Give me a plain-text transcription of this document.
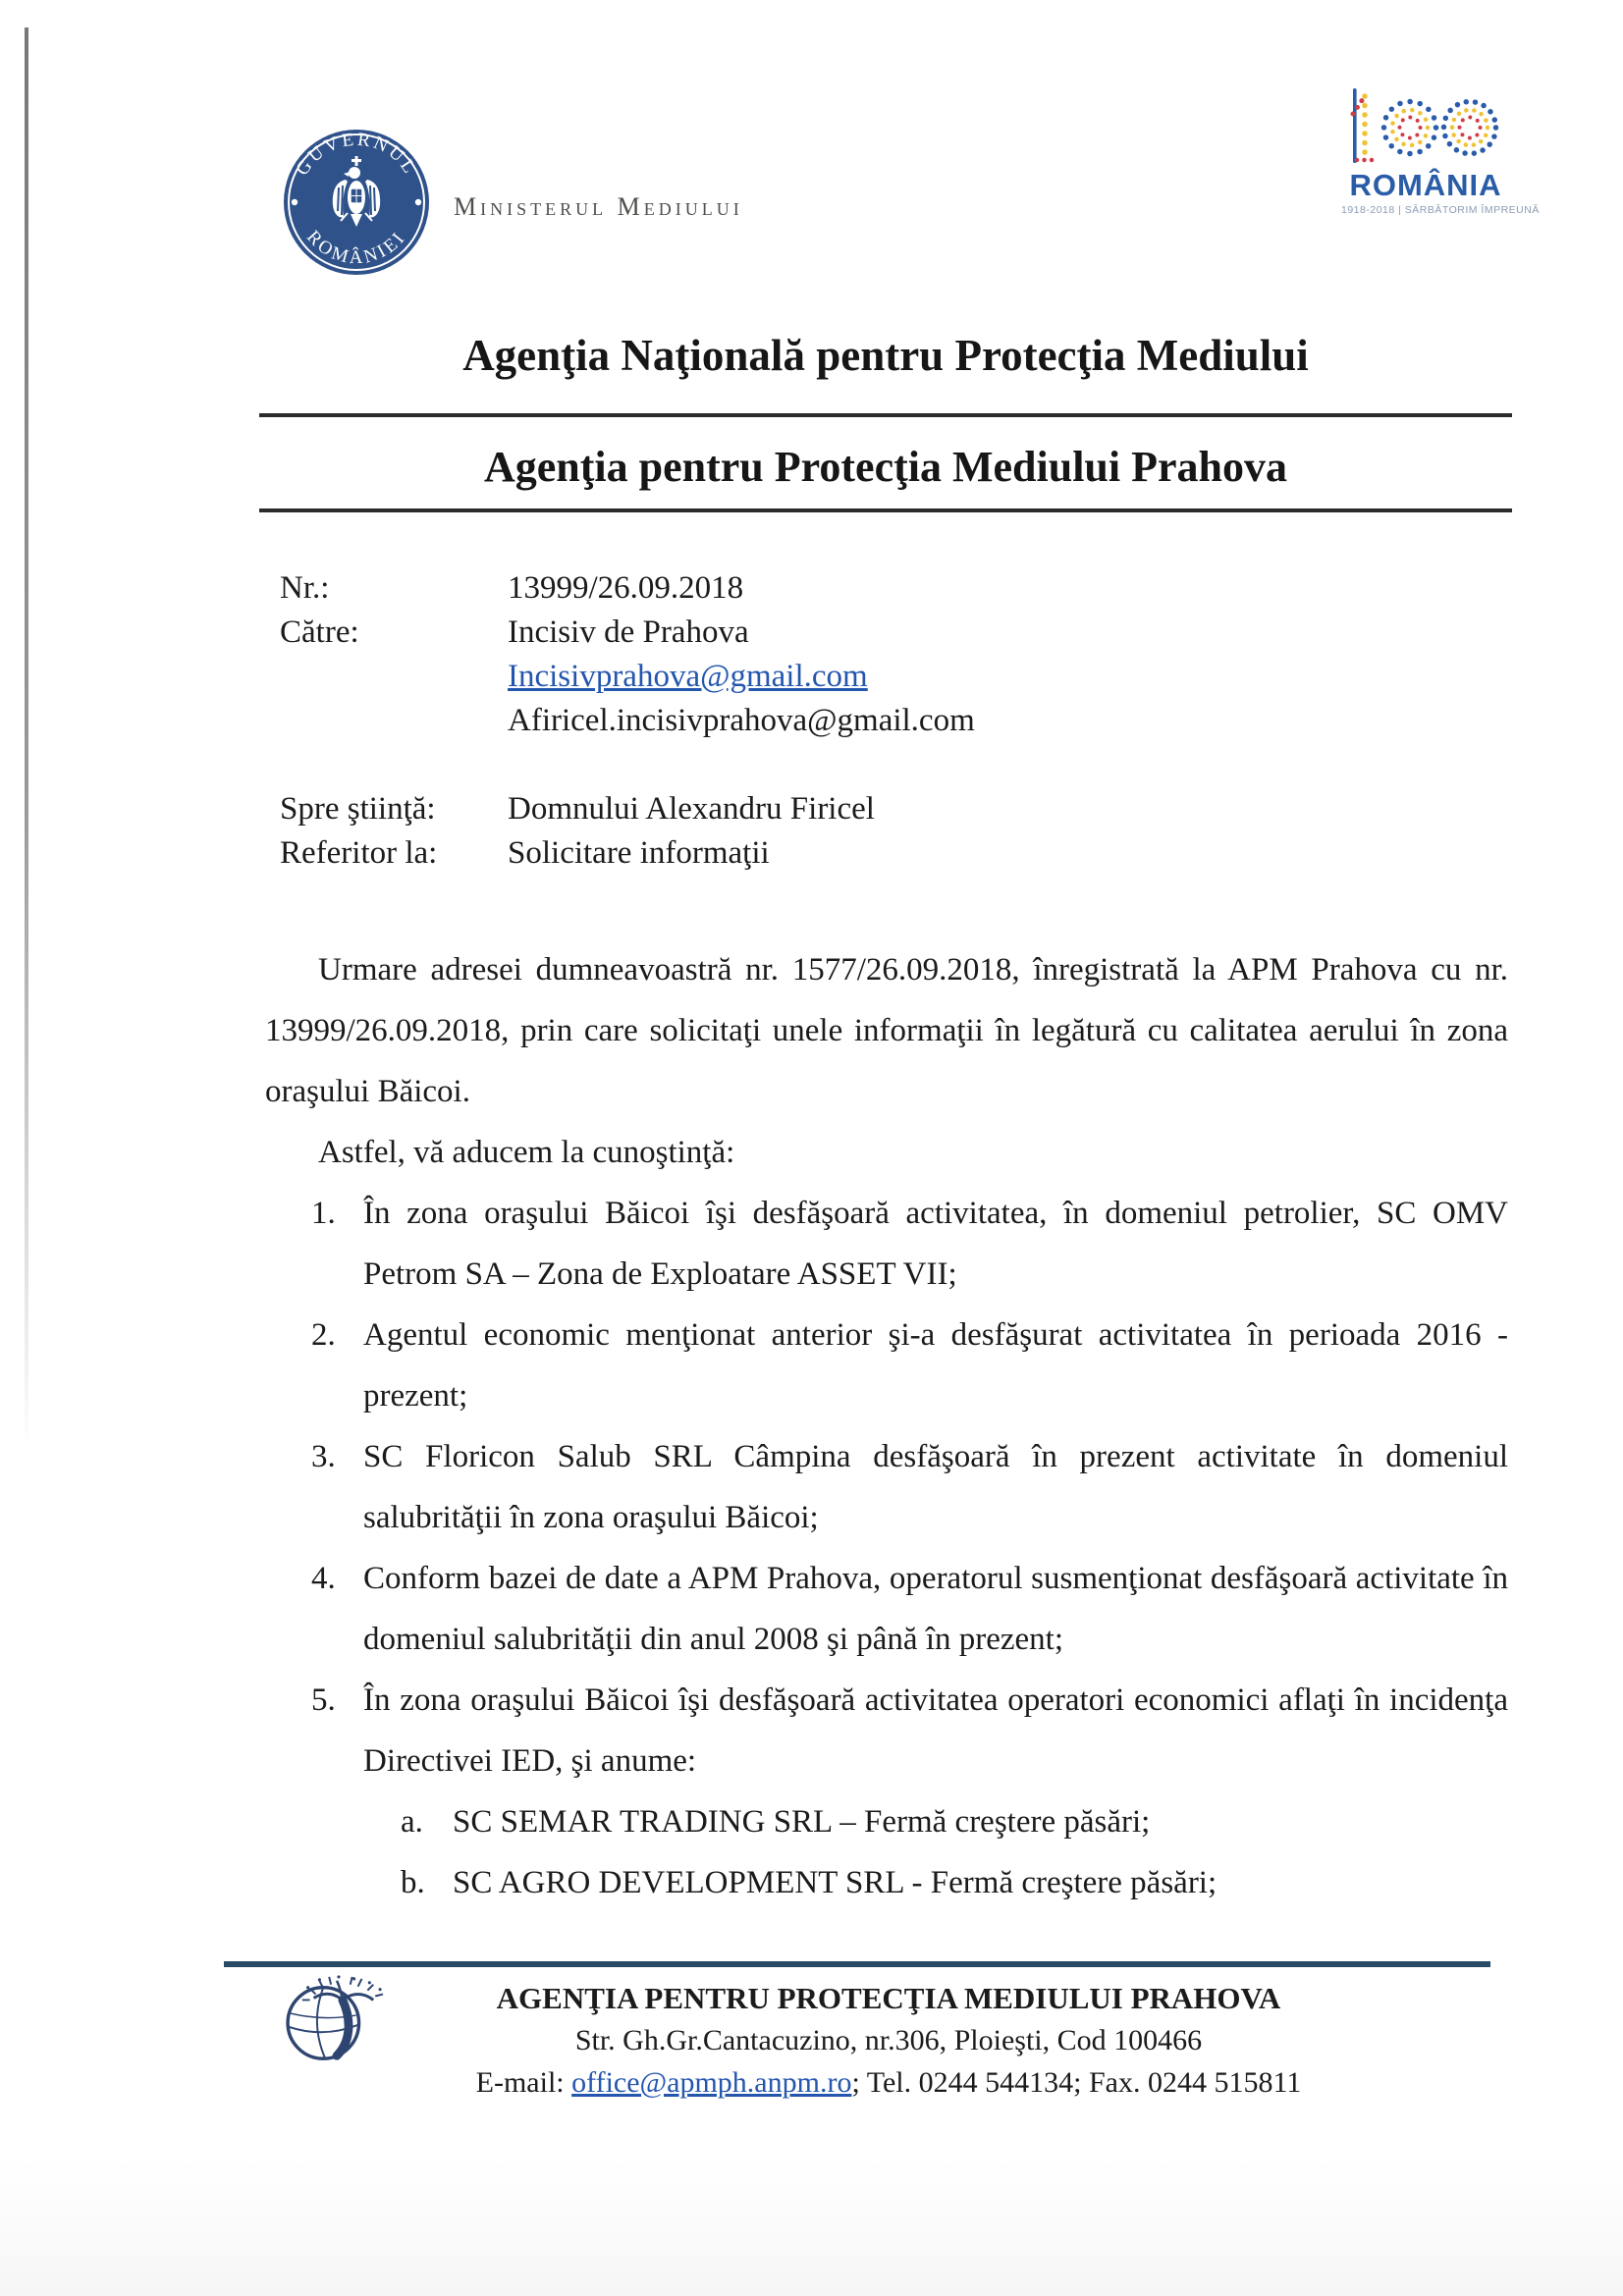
GUVERNUL
ROMÂNIEI
Ministerul Mediului
ROMÂNIA
1918-2018 | SĂRBĂTORIM ÎMPREUNĂ
Agenţia Naţională pentru Protecţia Mediului
Agenţia pentru Protecţia Mediului Prahova
Nr.:	13999/26.09.2018
Către:	Incisiv de Prahova
Incisivprahova@gmail.com
Afiricel.incisivprahova@gmail.com
Spre ştiinţă:	Domnului Alexandru Firicel
Referitor la:	Solicitare informaţii

Urmare adresei dumneavoastră nr. 1577/26.09.2018, înregistrată la APM Prahova cu nr. 13999/26.09.2018, prin care solicitaţi unele informaţii în legătură cu calitatea aerului în zona oraşului Băicoi.

Astfel, vă aducem la cunoştinţă:

1. În zona oraşului Băicoi îşi desfăşoară activitatea, în domeniul petrolier, SC OMV Petrom SA – Zona de Exploatare ASSET VII;
2. Agentul economic menţionat anterior şi-a desfăşurat activitatea în perioada 2016 - prezent;
3. SC Floricon Salub SRL Câmpina desfăşoară în prezent activitate în domeniul salubrităţii în zona oraşului Băicoi;
4. Conform bazei de date a APM Prahova, operatorul susmenţionat desfăşoară activitate în domeniul salubrităţii din anul 2008 şi până în prezent;
5. În zona oraşului Băicoi îşi desfăşoară activitatea operatori economici aflaţi în incidenţa Directivei IED, şi anume:
a. SC SEMAR TRADING SRL – Fermă creştere păsări;
b. SC AGRO DEVELOPMENT SRL - Fermă creştere păsări;
AGENŢIA PENTRU PROTECŢIA MEDIULUI PRAHOVA
Str. Gh.Gr.Cantacuzino, nr.306, Ploieşti, Cod 100466
E-mail: office@apmph.anpm.ro; Tel. 0244 544134; Fax. 0244 515811
